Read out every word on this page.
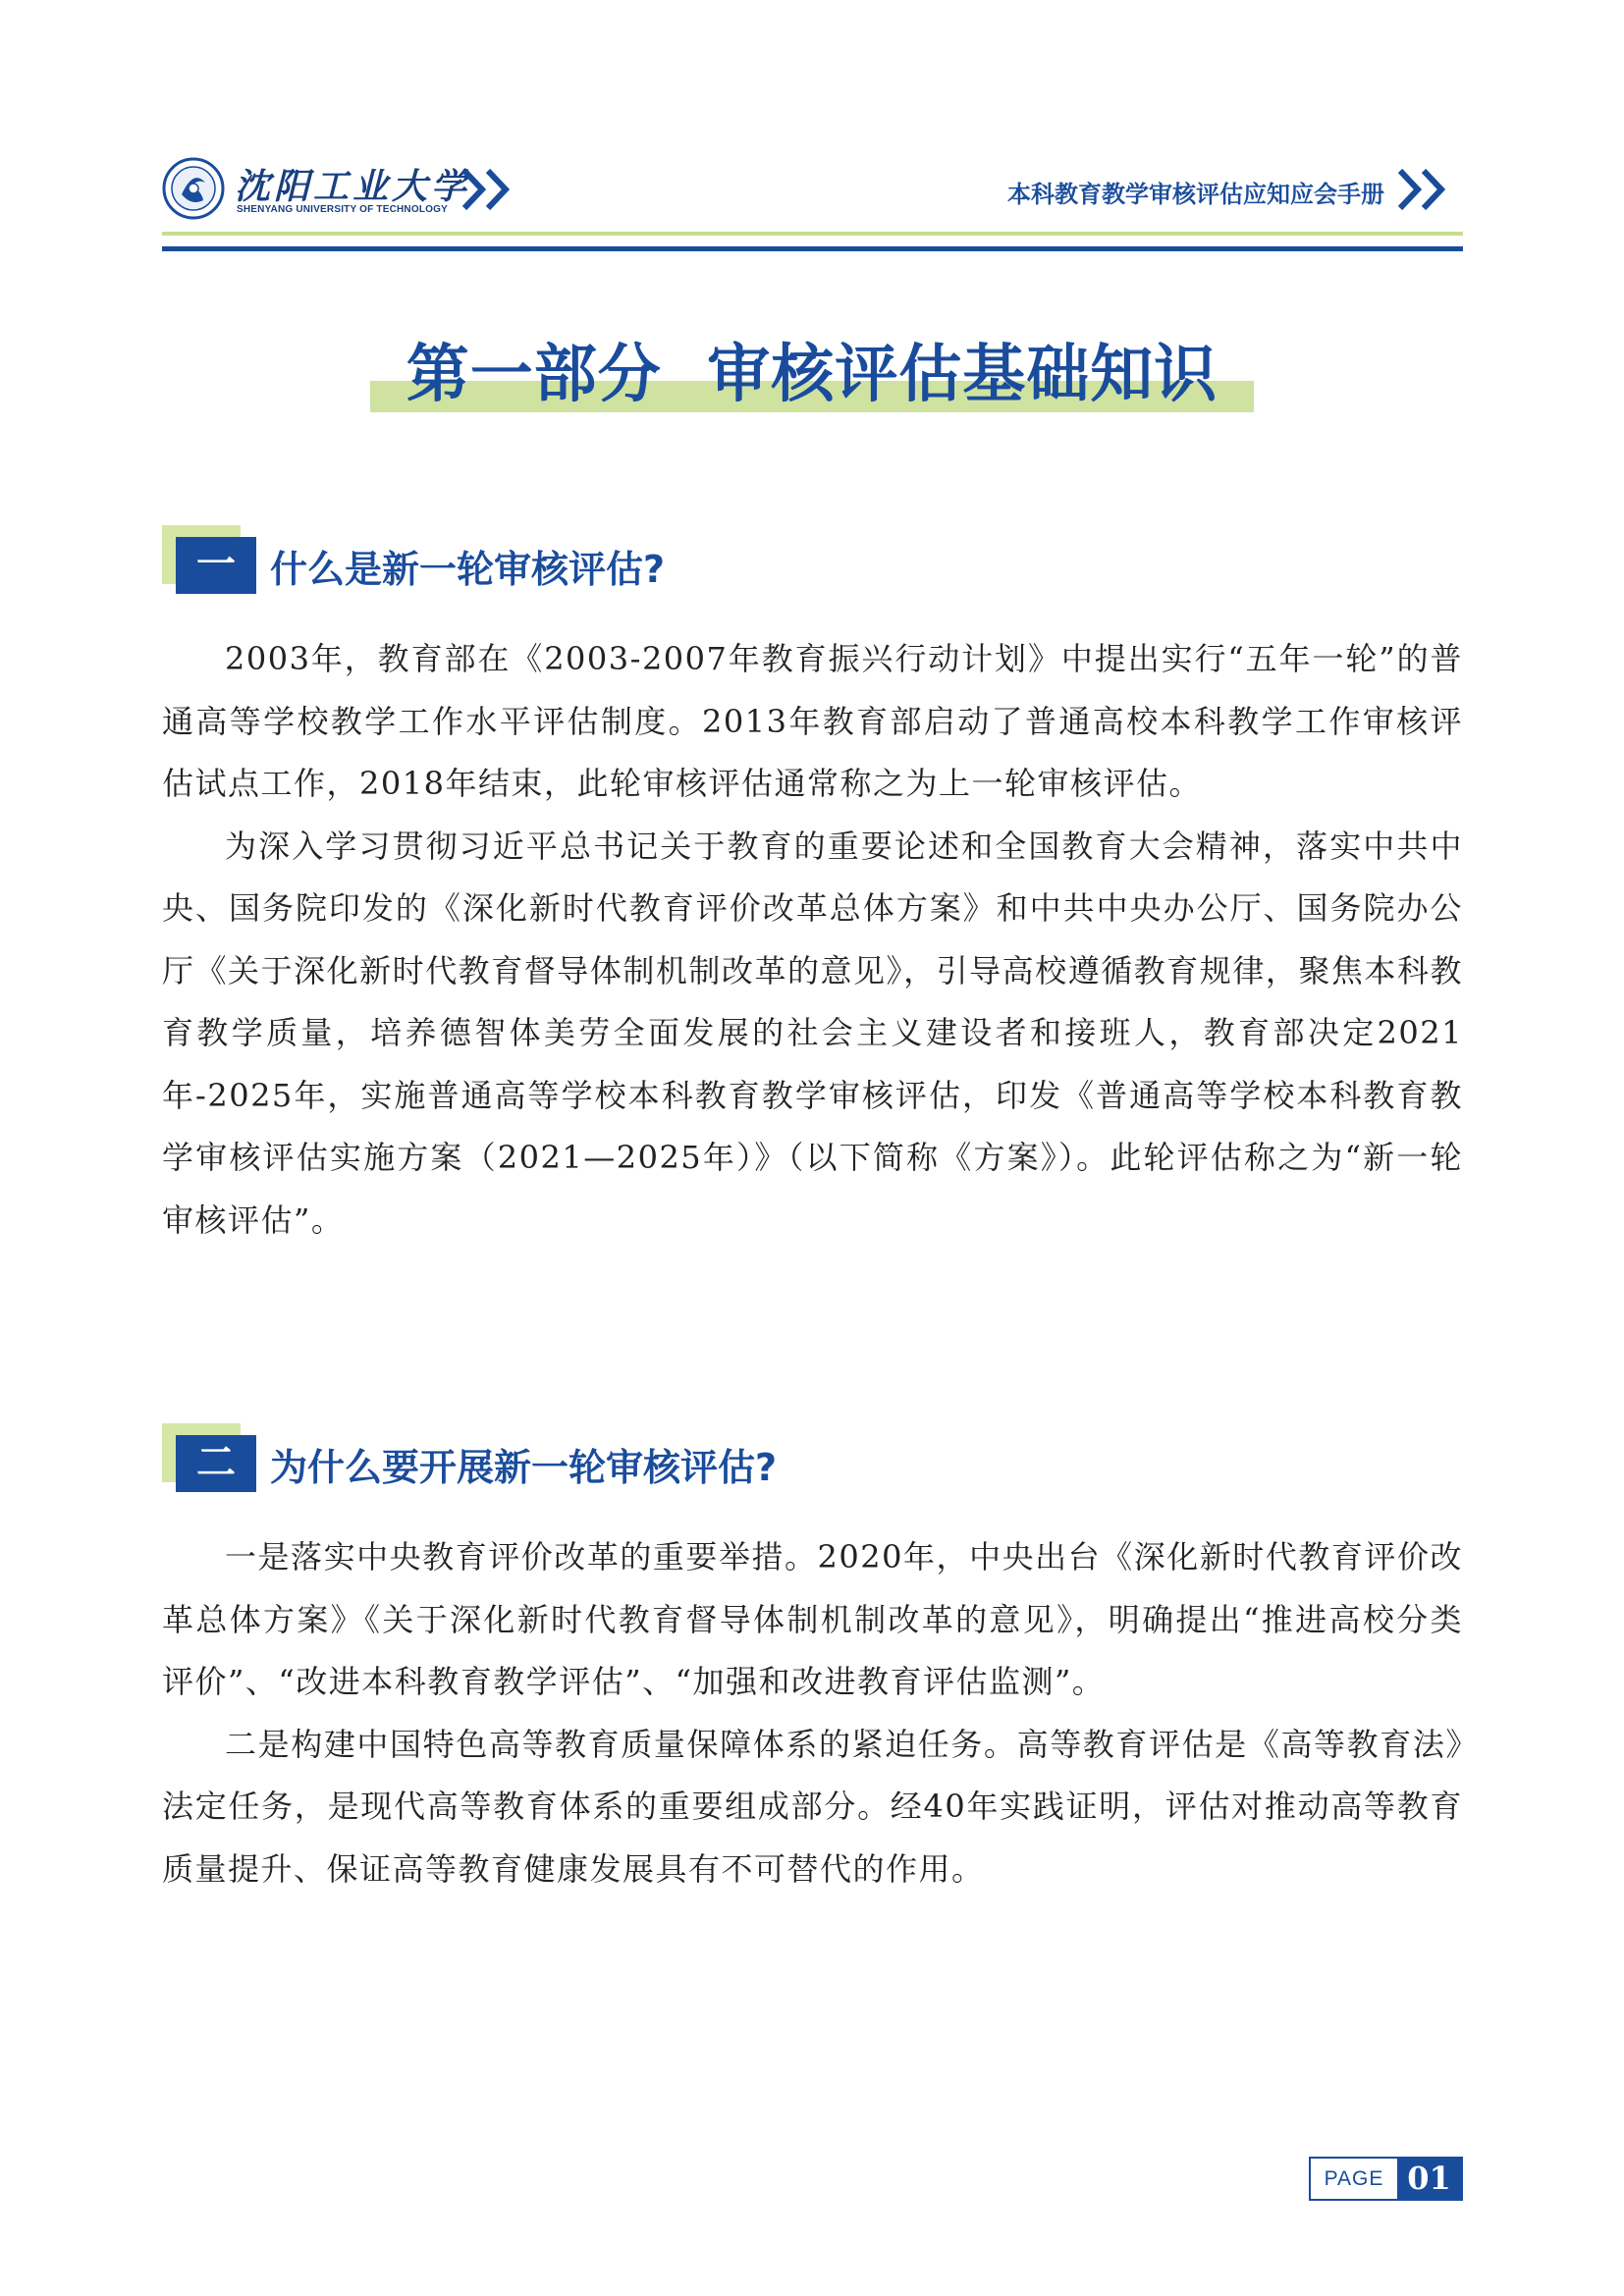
沈阳工业大学
SHENYANG UNIVERSITY OF TECHNOLOGY
本科教育教学审核评估应知应会手册
第一部分  审核评估基础知识
一 什么是新一轮审核评估?

2003年，教育部在《2003-2007年教育振兴行动计划》中提出实行“五年一轮”的普通高等学校教学工作水平评估制度。2013年教育部启动了普通高校本科教学工作审核评估试点工作，2018年结束，此轮审核评估通常称之为上一轮审核评估。

为深入学习贯彻习近平总书记关于教育的重要论述和全国教育大会精神，落实中共中央、国务院印发的《深化新时代教育评价改革总体方案》和中共中央办公厅、国务院办公厅《关于深化新时代教育督导体制机制改革的意见》，引导高校遵循教育规律，聚焦本科教育教学质量，培养德智体美劳全面发展的社会主义建设者和接班人，教育部决定2021年-2025年，实施普通高等学校本科教育教学审核评估，印发《普通高等学校本科教育教学审核评估实施方案（2021—2025年）》（以下简称《方案》）。此轮评估称之为“新一轮审核评估”。

二 为什么要开展新一轮审核评估?

一是落实中央教育评价改革的重要举措。2020年，中央出台《深化新时代教育评价改革总体方案》《关于深化新时代教育督导体制机制改革的意见》，明确提出“推进高校分类评价”、“改进本科教育教学评估”、“加强和改进教育评估监测”。

二是构建中国特色高等教育质量保障体系的紧迫任务。高等教育评估是《高等教育法》法定任务，是现代高等教育体系的重要组成部分。经40年实践证明，评估对推动高等教育质量提升、保证高等教育健康发展具有不可替代的作用。

PAGE 01
